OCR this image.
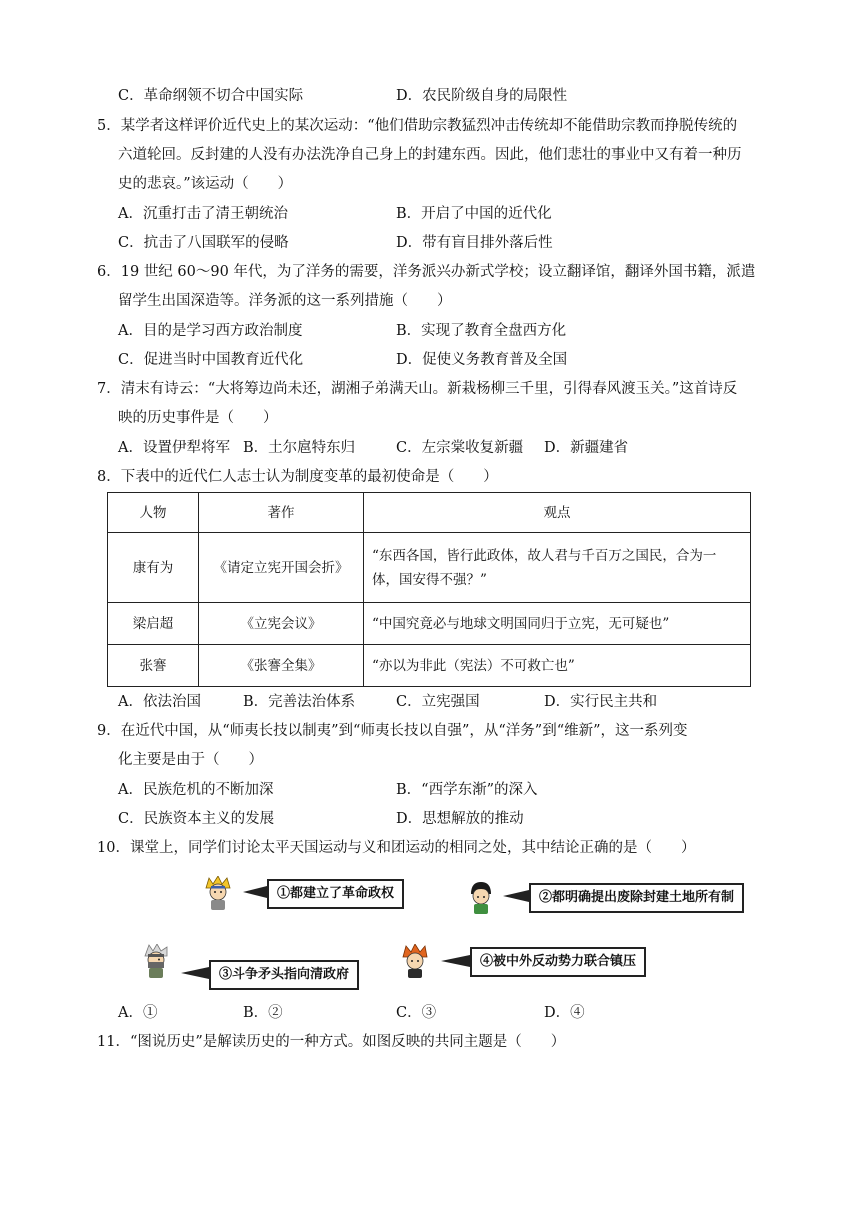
C．革命纲领不切合中国实际	D．农民阶级自身的局限性
5．某学者这样评价近代史上的某次运动：“他们借助宗教猛烈冲击传统却不能借助宗教而挣脱传统的
六道轮回。反封建的人没有办法洗净自己身上的封建东西。因此，他们悲壮的事业中又有着一种历
史的悲哀。”该运动（　　）
A．沉重打击了清王朝统治	B．开启了中国的近代化
C．抗击了八国联军的侵略	D．带有盲目排外落后性
6．19 世纪 60～90 年代，为了洋务的需要，洋务派兴办新式学校；设立翻译馆，翻译外国书籍，派遣
留学生出国深造等。洋务派的这一系列措施（　　）
A．目的是学习西方政治制度	B．实现了教育全盘西方化
C．促进当时中国教育近代化	D．促使义务教育普及全国
7．清末有诗云：“大将筹边尚未还，湖湘子弟满天山。新栽杨柳三千里，引得春风渡玉关。”这首诗反
映的历史事件是（　　）
A．设置伊犁将军 B．土尔扈特东归	C．左宗棠收复新疆 D．新疆建省
8．下表中的近代仁人志士认为制度变革的最初使命是（　　）
人物	著作	观点
康有为	《请定立宪开国会折》	“东西各国，皆行此政体，故人君与千百万之国民，合为一体，国安得不强？”
梁启超	《立宪会议》	“中国究竟必与地球文明国同归于立宪，无可疑也”
张謇	《张謇全集》	“亦以为非此（宪法）不可救亡也”
A．依法治国	B．完善法治体系	C．立宪强国	D．实行民主共和
9．在近代中国，从“师夷长技以制夷”到“师夷长技以自强”，从“洋务”到“维新”，这一系列变
化主要是由于（　　）
A．民族危机的不断加深	B．“西学东渐”的深入
C．民族资本主义的发展	D．思想解放的推动
10．课堂上，同学们讨论太平天国运动与义和团运动的相同之处，其中结论正确的是（　　）
①都建立了革命政权	②都明确提出废除封建土地所有制
③斗争矛头指向清政府
④被中外反动势力联合镇压
A．①	B．②	C．③	D．④
11．“图说历史”是解读历史的一种方式。如图反映的共同主题是（　　）
